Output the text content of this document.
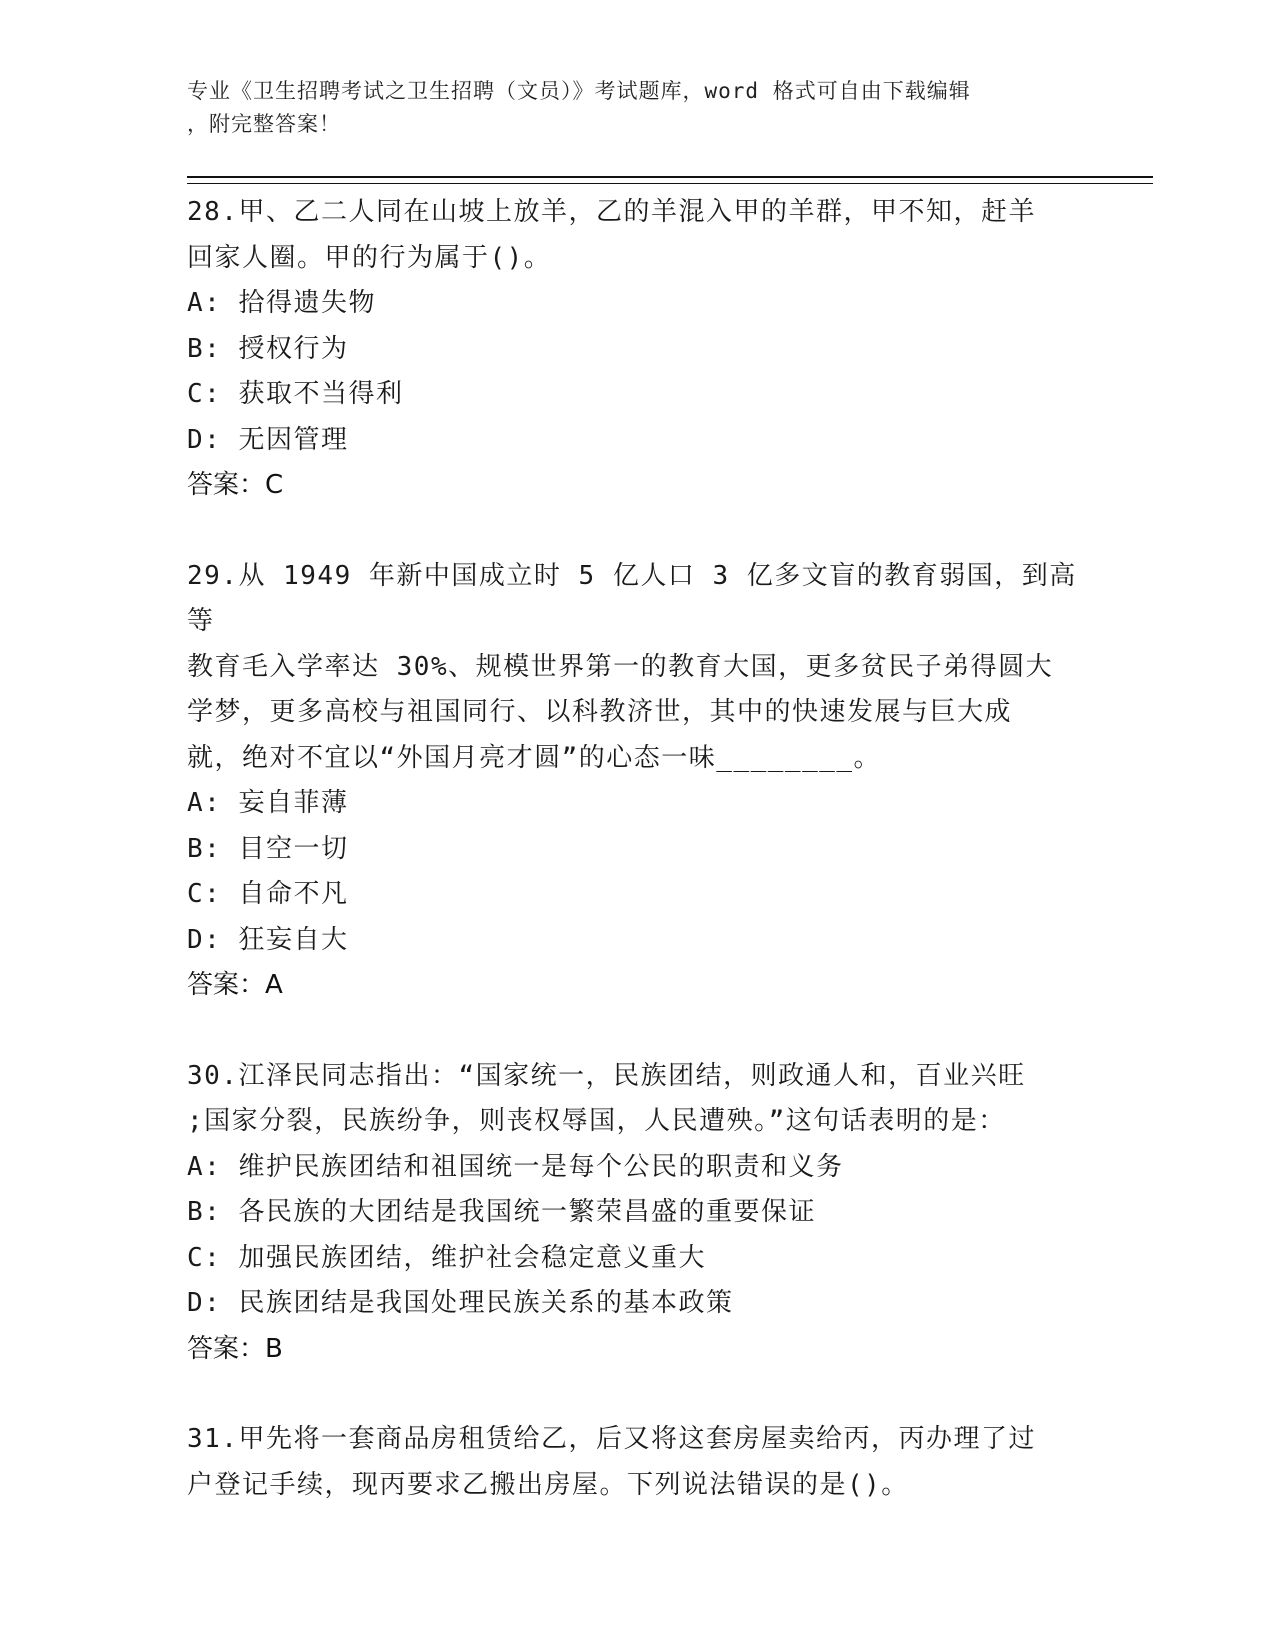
专业《卫生招聘考试之卫生招聘（文员）》考试题库，word 格式可自由下载编辑
，附完整答案！

28.甲、乙二人同在山坡上放羊，乙的羊混入甲的羊群，甲不知，赶羊

回家人圈。甲的行为属于()。

A: 拾得遗失物

B: 授权行为

C: 获取不当得利

D: 无因管理

答案：C

29.从 1949 年新中国成立时 5 亿人口 3 亿多文盲的教育弱国，到高等

教育毛入学率达 30%、规模世界第一的教育大国，更多贫民子弟得圆大

学梦，更多高校与祖国同行、以科教济世，其中的快速发展与巨大成

就，绝对不宜以“外国月亮才圆”的心态一味________。

A: 妄自菲薄

B: 目空一切

C: 自命不凡

D: 狂妄自大

答案：A

30.江泽民同志指出：“国家统一，民族团结，则政通人和，百业兴旺

;国家分裂，民族纷争，则丧权辱国，人民遭殃。”这句话表明的是：

A: 维护民族团结和祖国统一是每个公民的职责和义务

B: 各民族的大团结是我国统一繁荣昌盛的重要保证

C: 加强民族团结，维护社会稳定意义重大

D: 民族团结是我国处理民族关系的基本政策

答案：B

31.甲先将一套商品房租赁给乙，后又将这套房屋卖给丙，丙办理了过

户登记手续，现丙要求乙搬出房屋。下列说法错误的是()。
